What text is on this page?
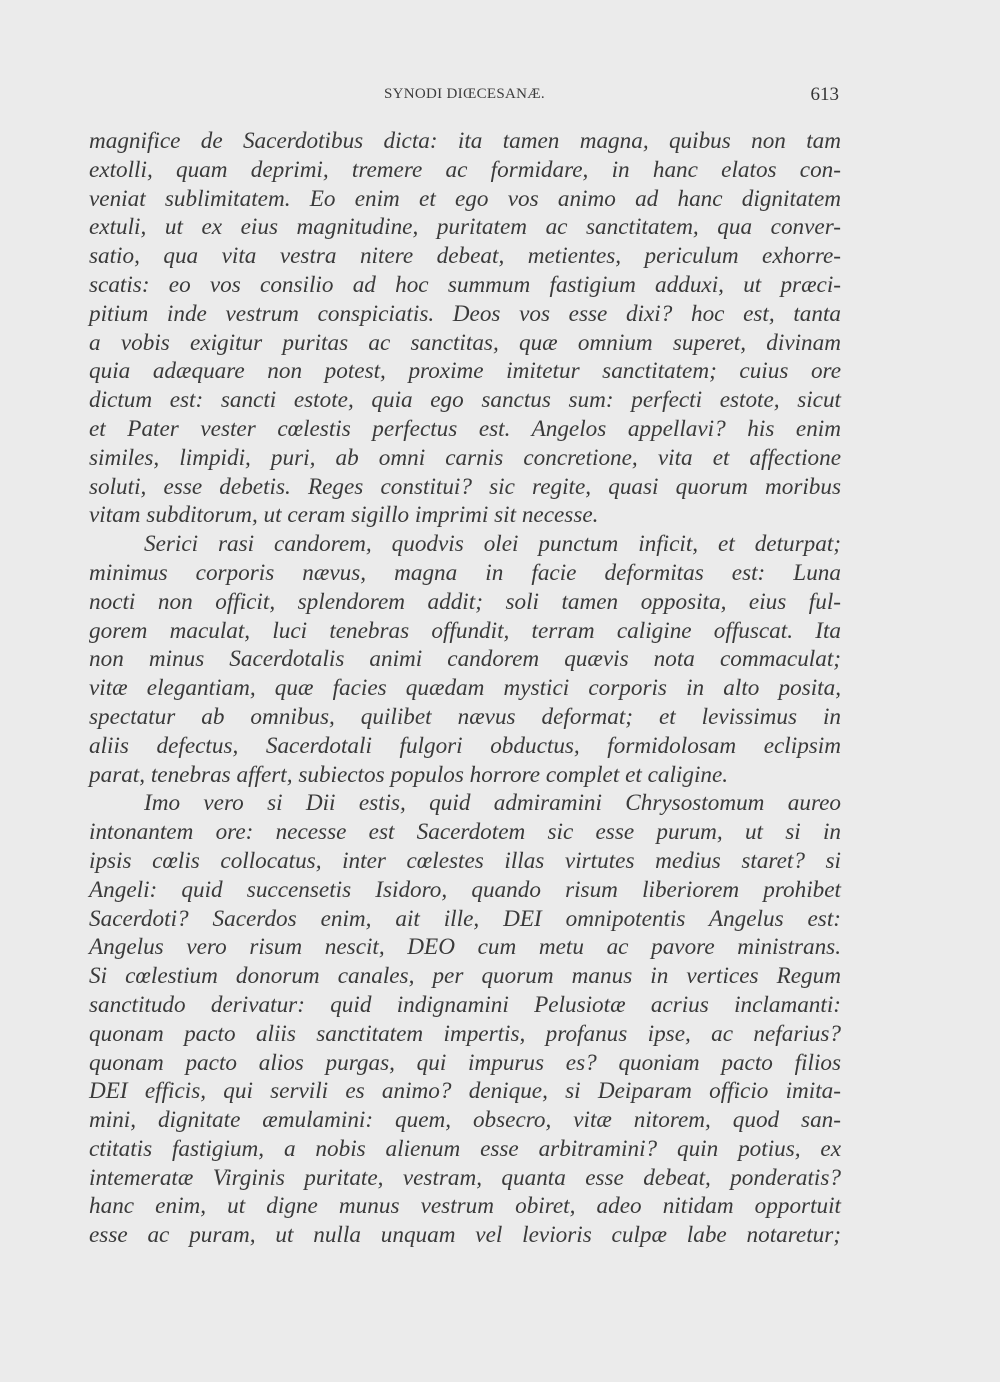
SYNODI DIŒCESANÆ.	613
magnifice de Sacerdotibus dicta: ita tamen magna, quibus non tam
extolli, quam deprimi, tremere ac formidare, in hanc elatos con-
veniat sublimitatem. Eo enim et ego vos animo ad hanc dignitatem
extuli, ut ex eius magnitudine, puritatem ac sanctitatem, qua conver-
satio, qua vita vestra nitere debeat, metientes, periculum exhorre-
scatis: eo vos consilio ad hoc summum fastigium adduxi, ut præci-
pitium inde vestrum conspiciatis. Deos vos esse dixi? hoc est, tanta
a vobis exigitur puritas ac sanctitas, quæ omnium superet, divinam
quia adæquare non potest, proxime imitetur sanctitatem; cuius ore
dictum est: sancti estote, quia ego sanctus sum: perfecti estote, sicut
et Pater vester cœlestis perfectus est. Angelos appellavi? his enim
similes, limpidi, puri, ab omni carnis concretione, vita et affectione
soluti, esse debetis. Reges constitui? sic regite, quasi quorum moribus
vitam subditorum, ut ceram sigillo imprimi sit necesse.
Serici rasi candorem, quodvis olei punctum inficit, et deturpat;
minimus corporis nævus, magna in facie deformitas est: Luna
nocti non officit, splendorem addit; soli tamen opposita, eius ful-
gorem maculat, luci tenebras offundit, terram caligine offuscat. Ita
non minus Sacerdotalis animi candorem quævis nota commaculat;
vitæ elegantiam, quæ facies quædam mystici corporis in alto posita,
spectatur ab omnibus, quilibet nævus deformat; et levissimus in
aliis defectus, Sacerdotali fulgori obductus, formidolosam eclipsim
parat, tenebras affert, subiectos populos horrore complet et caligine.
Imo vero si Dii estis, quid admiramini Chrysostomum aureo
intonantem ore: necesse est Sacerdotem sic esse purum, ut si in
ipsis cœlis collocatus, inter cœlestes illas virtutes medius staret? si
Angeli: quid succensetis Isidoro, quando risum liberiorem prohibet
Sacerdoti? Sacerdos enim, ait ille, DEI omnipotentis Angelus est:
Angelus vero risum nescit, DEO cum metu ac pavore ministrans.
Si cœlestium donorum canales, per quorum manus in vertices Regum
sanctitudo derivatur: quid indignamini Pelusiotæ acrius inclamanti:
quonam pacto aliis sanctitatem impertis, profanus ipse, ac nefarius?
quonam pacto alios purgas, qui impurus es? quoniam pacto filios
DEI efficis, qui servili es animo? denique, si Deiparam officio imita-
mini, dignitate æmulamini: quem, obsecro, vitæ nitorem, quod san-
ctitatis fastigium, a nobis alienum esse arbitramini? quin potius, ex
intemeratæ Virginis puritate, vestram, quanta esse debeat, ponderatis?
hanc enim, ut digne munus vestrum obiret, adeo nitidam opportuit
esse ac puram, ut nulla unquam vel levioris culpæ labe notaretur;
